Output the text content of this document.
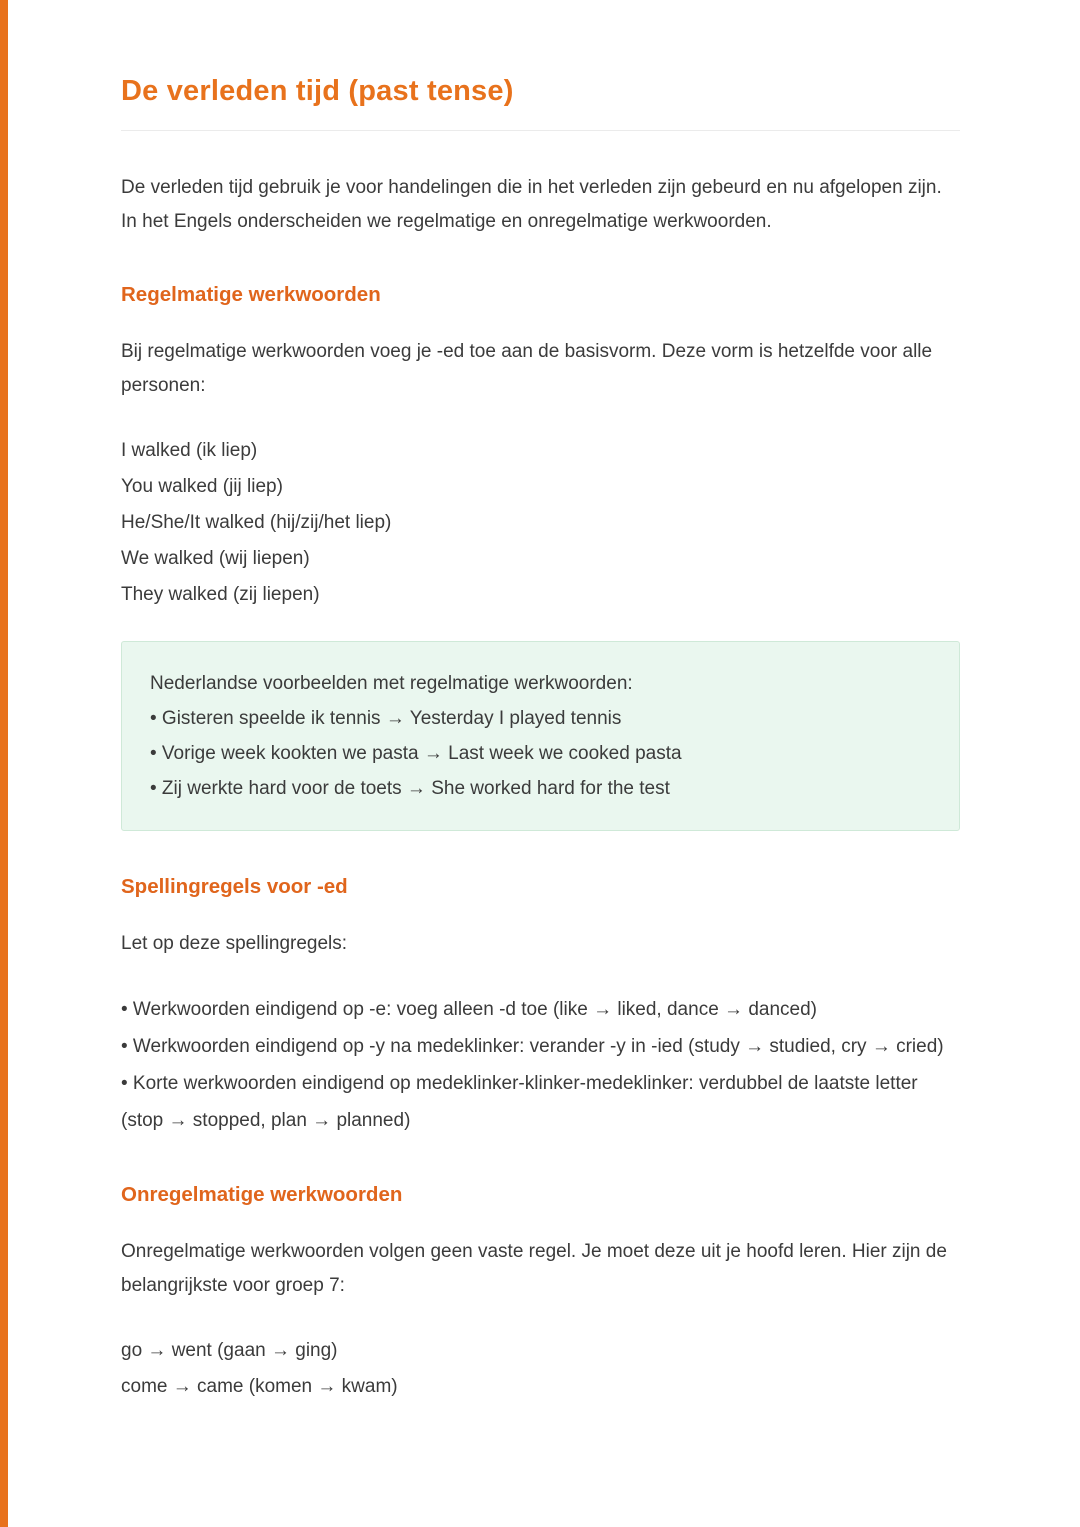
De verleden tijd (past tense)

De verleden tijd gebruik je voor handelingen die in het verleden zijn gebeurd en nu afgelopen zijn. In het Engels onderscheiden we regelmatige en onregelmatige werkwoorden.

Regelmatige werkwoorden

Bij regelmatige werkwoorden voeg je -ed toe aan de basisvorm. Deze vorm is hetzelfde voor alle personen:

I walked (ik liep)
You walked (jij liep)
He/She/It walked (hij/zij/het liep)
We walked (wij liepen)
They walked (zij liepen)
Nederlandse voorbeelden met regelmatige werkwoorden:
• Gisteren speelde ik tennis → Yesterday I played tennis
• Vorige week kookten we pasta → Last week we cooked pasta
• Zij werkte hard voor de toets → She worked hard for the test
Spellingregels voor -ed

Let op deze spellingregels:

• Werkwoorden eindigend op -e: voeg alleen -d toe (like → liked, dance → danced)
• Werkwoorden eindigend op -y na medeklinker: verander -y in -ied (study → studied, cry → cried)
• Korte werkwoorden eindigend op medeklinker-klinker-medeklinker: verdubbel de laatste letter (stop → stopped, plan → planned)
Onregelmatige werkwoorden

Onregelmatige werkwoorden volgen geen vaste regel. Je moet deze uit je hoofd leren. Hier zijn de belangrijkste voor groep 7:

go → went (gaan → ging)
come → came (komen → kwam)
